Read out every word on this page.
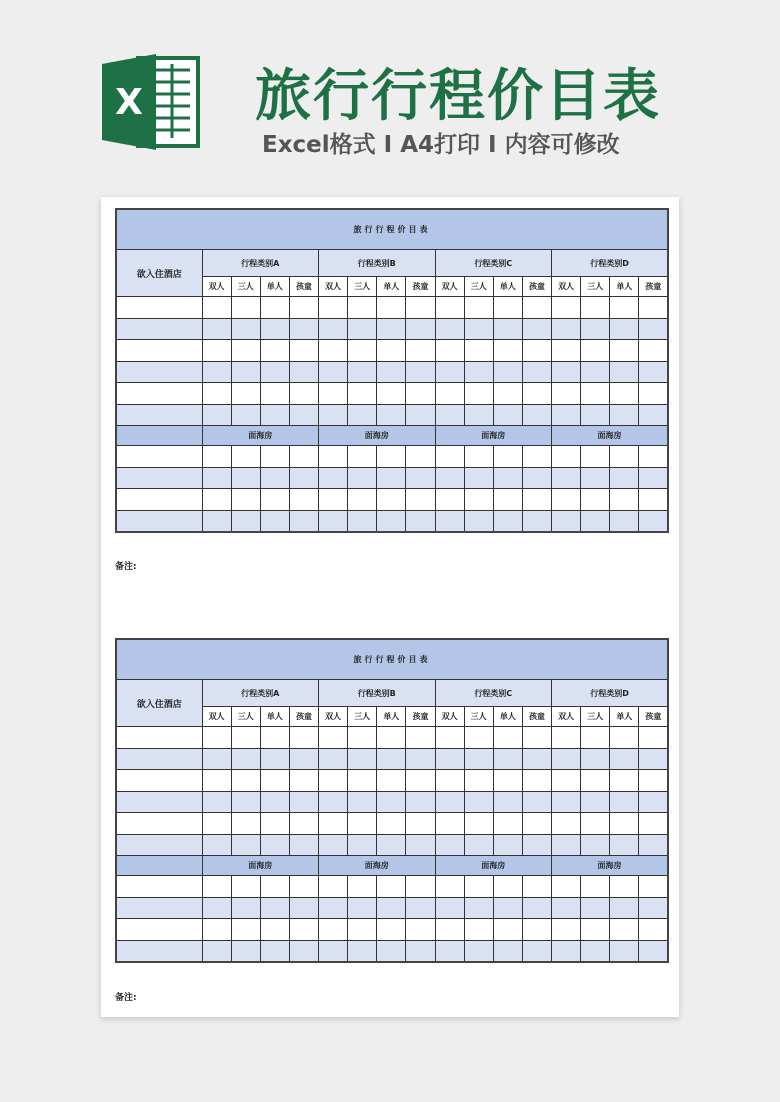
X 旅行行程价目表
Excel格式 I A4打印 I 内容可修改
旅行行程价目表																
欲入住酒店	行程类别A				行程类别B				行程类别C				行程类别D			
	双人	三人	单人	孩童	双人	三人	单人	孩童	双人	三人	单人	孩童	双人	三人	单人	孩童

	面海房				面海房				面海房				面海房			

备注:
旅行行程价目表																
欲入住酒店	行程类别A				行程类别B				行程类别C				行程类别D			
	双人	三人	单人	孩童	双人	三人	单人	孩童	双人	三人	单人	孩童	双人	三人	单人	孩童

	面海房				面海房				面海房				面海房			

备注:
